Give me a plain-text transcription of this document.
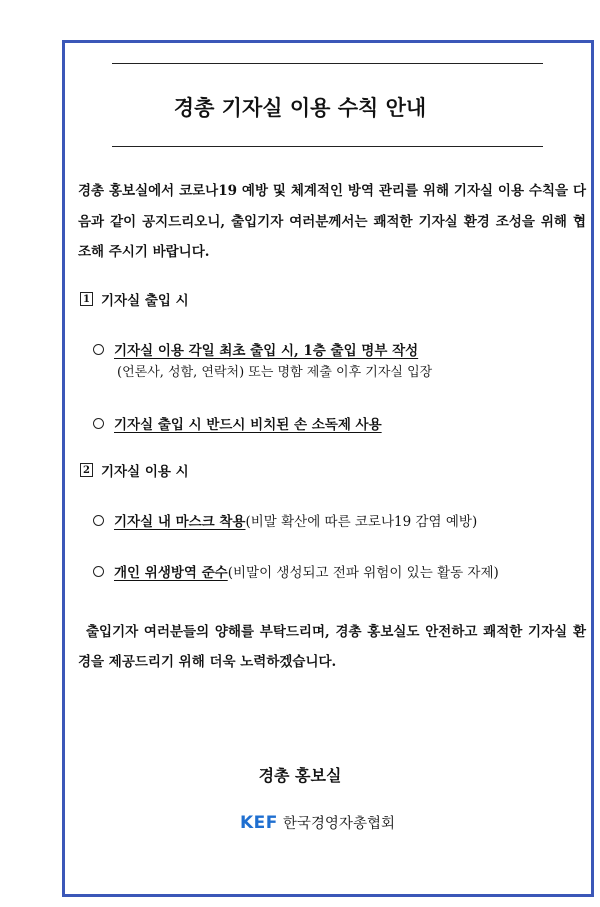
경총 기자실 이용 수칙 안내
경총 홍보실에서 코로나19 예방 및 체계적인 방역 관리를 위해 기자실 이용 수칙을 다음과 같이 공지드리오니, 출입기자 여러분께서는 쾌적한 기자실 환경 조성을 위해 협조해 주시기 바랍니다.
1 기자실 출입 시
기자실 이용 각일 최초 출입 시, 1층 출입 명부 작성
(언론사, 성함, 연락처) 또는 명함 제출 이후 기자실 입장
기자실 출입 시 반드시 비치된 손 소독제 사용
2 기자실 이용 시
기자실 내 마스크 착용 (비말 확산에 따른 코로나19 감염 예방)
개인 위생방역 준수 (비말이 생성되고 전파 위험이 있는 활동 자제)
출입기자 여러분들의 양해를 부탁드리며, 경총 홍보실도 안전하고 쾌적한 기자실 환경을 제공드리기 위해 더욱 노력하겠습니다.
경총 홍보실
KEF 한국경영자총협회
